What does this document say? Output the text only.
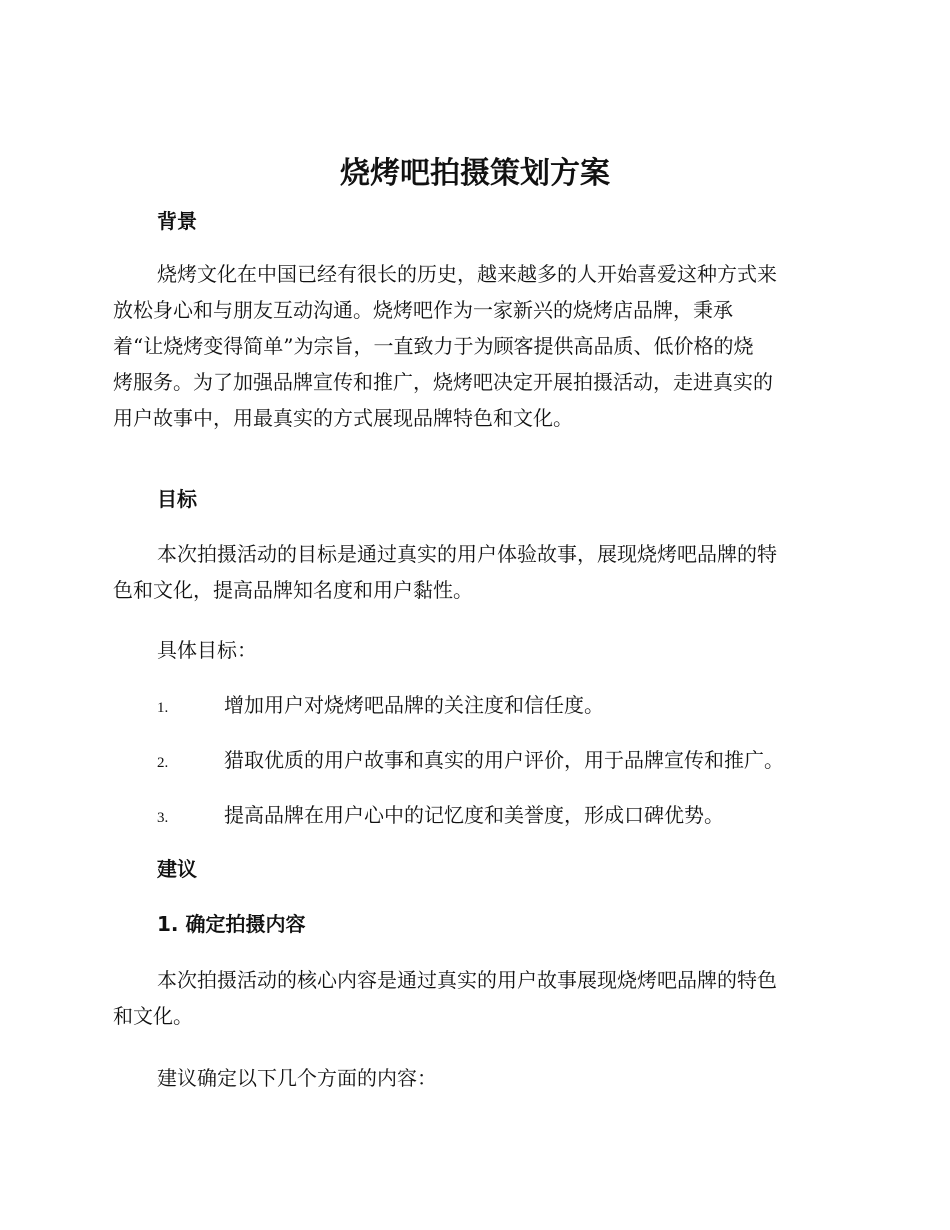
烧烤吧拍摄策划方案
背景
烧烤文化在中国已经有很长的历史，越来越多的人开始喜爱这种方式来
放松身心和与朋友互动沟通。烧烤吧作为一家新兴的烧烤店品牌，秉承
着“让烧烤变得简单”为宗旨，一直致力于为顾客提供高品质、低价格的烧
烤服务。为了加强品牌宣传和推广，烧烤吧决定开展拍摄活动，走进真实的
用户故事中，用最真实的方式展现品牌特色和文化。
目标
本次拍摄活动的目标是通过真实的用户体验故事，展现烧烤吧品牌的特
色和文化，提高品牌知名度和用户黏性。

具体目标：

1.	增加用户对烧烤吧品牌的关注度和信任度。
2.	猎取优质的用户故事和真实的用户评价，用于品牌宣传和推广。
3.	提高品牌在用户心中的记忆度和美誉度，形成口碑优势。
建议
1. 确定拍摄内容
本次拍摄活动的核心内容是通过真实的用户故事展现烧烤吧品牌的特色
和文化。

建议确定以下几个方面的内容：
